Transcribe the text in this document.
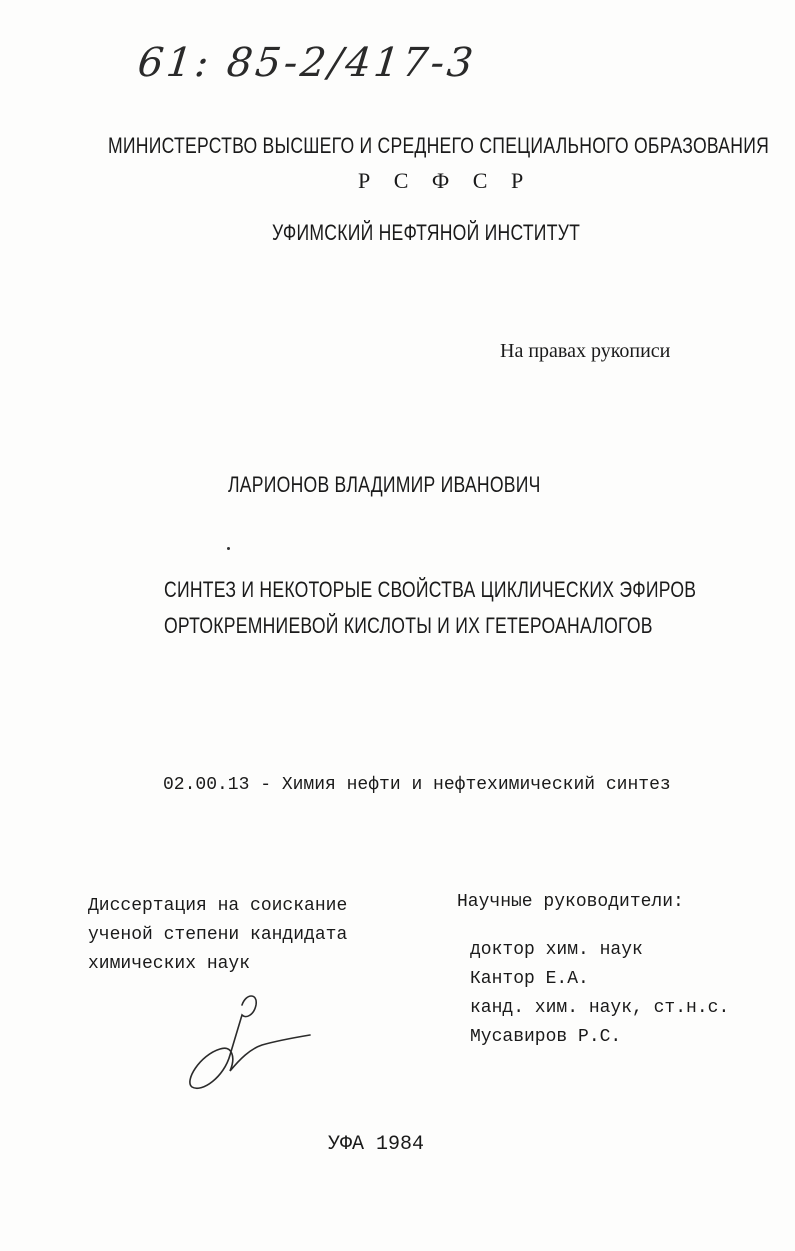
61: 85-2/417-3
МИНИСТЕРСТВО ВЫСШЕГО И СРЕДНЕГО СПЕЦИАЛЬНОГО ОБРАЗОВАНИЯ
Р С Ф С Р
УФИМСКИЙ НЕФТЯНОЙ ИНСТИТУТ
На правах рукописи
ЛАРИОНОВ ВЛАДИМИР ИВАНОВИЧ
СИНТЕЗ И НЕКОТОРЫЕ СВОЙСТВА ЦИКЛИЧЕСКИХ ЭФИРОВ
ОРТОКРЕМНИЕВОЙ КИСЛОТЫ И ИХ ГЕТЕРОАНАЛОГОВ
02.00.13 - Химия нефти и нефтехимический синтез
Диссертация на соискание
ученой степени кандидата
химических наук
Научные руководители:
доктор хим. наук
Кантор Е.А.
канд. хим. наук, ст.н.с.
Мусавиров Р.С.
УФА 1984
